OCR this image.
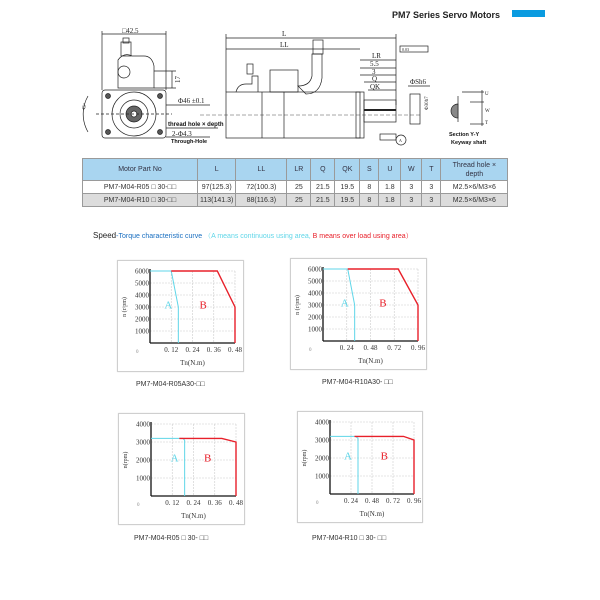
PM7 Series Servo Motors
□42.5
17
45°
Φ46 ±0.1
thread hole × depth
2-Φ4.3
Through-Hole
L
LL
0.03
LR
5.5
3
Q
QK
ΦSh6
Φ30h7
A
U
W
T
Section Y-Y
Keyway shaft
Motor Part No	L	LL	LR	Q	QK	S	U	W	T	Thread hole × depth
PM7-M04-R05 □ 30-□□	97(125.3)	72(100.3)	25	21.5	19.5	8	1.8	3	3	M2.5×6/M3×6
PM7-M04-R10 □ 30-□□	113(141.3)	88(116.3)	25	21.5	19.5	8	1.8	3	3	M2.5×6/M3×6
Speed-Torque characteristic curve （A means continuous using area, B means over load using area）
0. 12 0. 24 0. 36 0. 48
0
1000
2000
3000
4000
5000
6000
Tn(N.m)
n (r/pm)	A B
PM7-M04-R05A30-□□
0. 24 0. 48 0. 72 0. 96
0
1000
2000
3000
4000
5000
6000
Tn(N.m)
n (r/pm)	A	B
PM7-M04-R10A30- □□
0. 12 0. 24 0. 36 0. 48
0
1000
2000
3000
4000
Tn(N.m)
n(rpm)	A B
PM7-M04-R05 □ 30- □□
0. 24 0. 48 0. 72 0. 96
0
1000
2000
3000
4000
Tn(N.m)
n(rpm)	A	B
PM7-M04-R10 □ 30- □□
